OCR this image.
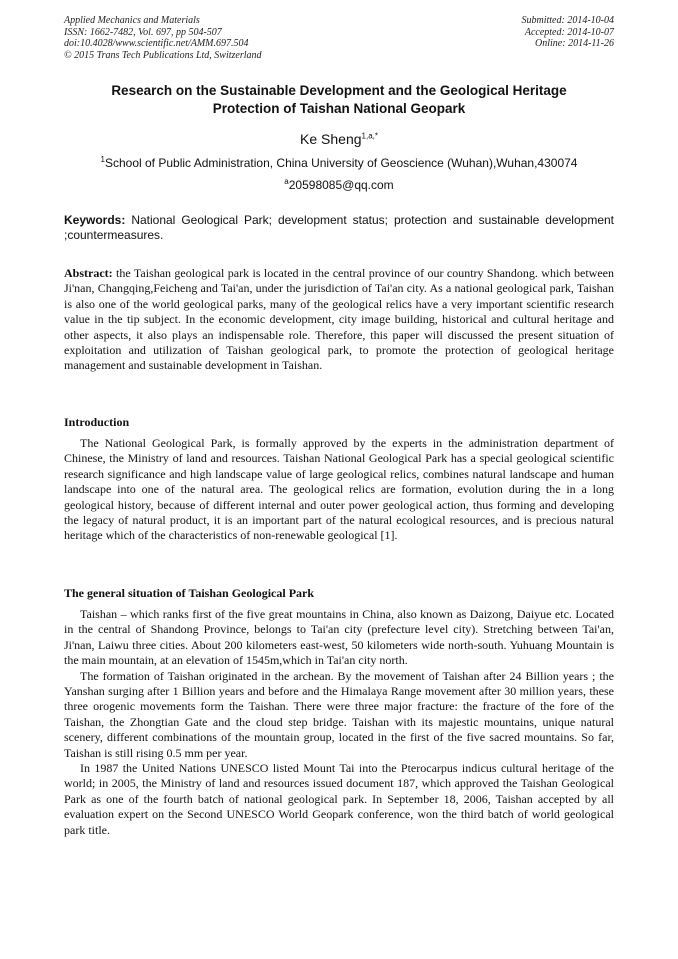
Applied Mechanics and Materials
ISSN: 1662-7482, Vol. 697, pp 504-507
doi:10.4028/www.scientific.net/AMM.697.504
© 2015 Trans Tech Publications Ltd, Switzerland
Submitted: 2014-10-04
Accepted: 2014-10-07
Online: 2014-11-26
Research on the Sustainable Development and the Geological Heritage
Protection of Taishan National Geopark
Ke Sheng$^{1,a,*}$
$^1$School of Public Administration, China University of Geoscience (Wuhan),Wuhan,430074
$^a$20598085@qq.com
Keywords: National Geological Park; development status; protection and sustainable development ;countermeasures.
Abstract: the Taishan geological park is located in the central province of our country Shandong. which between Ji'nan, Changqing,Feicheng and Tai'an, under the jurisdiction of Tai'an city. As a national geological park, Taishan is also one of the world geological parks, many of the geological relics have a very important scientific research value in the tip subject. In the economic development, city image building, historical and cultural heritage and other aspects, it also plays an indispensable role. Therefore, this paper will discussed the present situation of exploitation and utilization of Taishan geological park, to promote the protection of geological heritage management and sustainable development in Taishan.
Introduction

The National Geological Park, is formally approved by the experts in the administration department of Chinese, the Ministry of land and resources. Taishan National Geological Park has a special geological scientific research significance and high landscape value of large geological relics, combines natural landscape and human landscape into one of the natural area. The geological relics are formation, evolution during the in a long geological history, because of different internal and outer power geological action, thus forming and developing the legacy of natural product, it is an important part of the natural ecological resources, and is precious natural heritage which of the characteristics of non-renewable geological [1].

The general situation of Taishan Geological Park

Taishan – which ranks first of the five great mountains in China, also known as Daizong, Daiyue etc. Located in the central of Shandong Province, belongs to Tai'an city (prefecture level city). Stretching between Tai'an, Ji'nan, Laiwu three cities. About 200 kilometers east-west, 50 kilometers wide north-south. Yuhuang Mountain is the main mountain, at an elevation of 1545m,which in Tai'an city north.

The formation of Taishan originated in the archean. By the movement of Taishan after 24 Billion years ; the Yanshan surging after 1 Billion years and before and the Himalaya Range movement after 30 million years, these three orogenic movements form the Taishan. There were three major fracture: the fracture of the fore of the Taishan, the Zhongtian Gate and the cloud step bridge. Taishan with its majestic mountains, unique natural scenery, different combinations of the mountain group, located in the first of the five sacred mountains. So far, Taishan is still rising 0.5 mm per year.

In 1987 the United Nations UNESCO listed Mount Tai into the Pterocarpus indicus cultural heritage of the world; in 2005, the Ministry of land and resources issued document 187, which approved the Taishan Geological Park as one of the fourth batch of national geological park. In September 18, 2006, Taishan accepted by all evaluation expert on the Second UNESCO World Geopark conference, won the third batch of world geological park title.
